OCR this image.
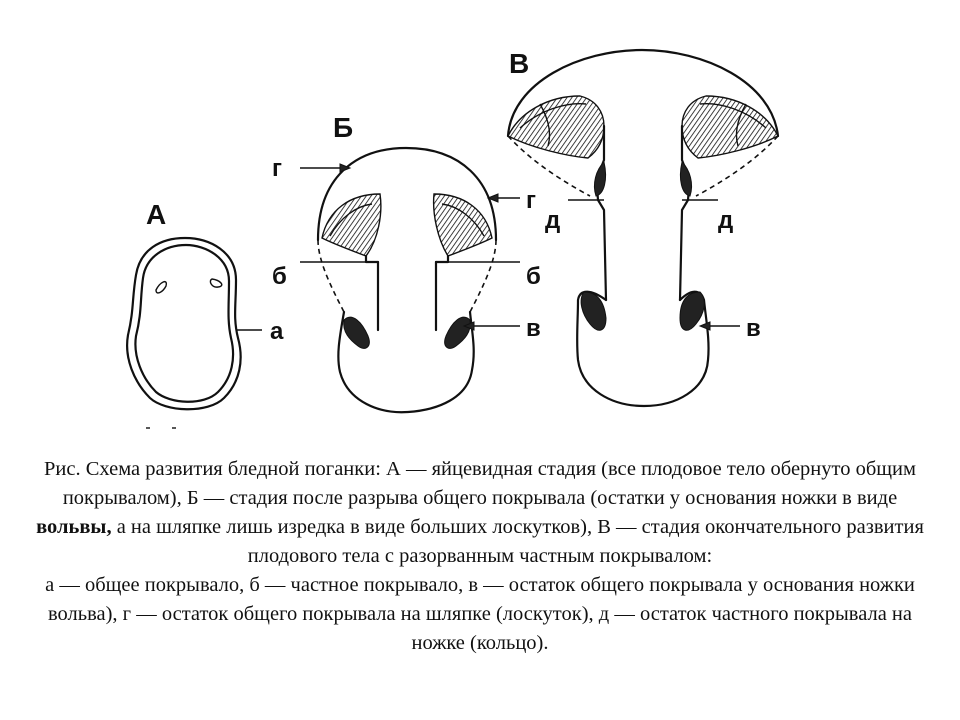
А
а
Б
г
г
б	б
в
В
д	д
в

Рис. Схема развития бледной поганки: А — яйцевидная стадия (все плодовое тело обернуто общим покрывалом), Б — стадия после разрыва общего покрывала (остатки у основания ножки в виде вольвы, а на шляпке лишь изредка в виде больших лоскутков), В — стадия окончательного развития плодового тела с разорванным частным покрывалом:

а — общее покрывало, б — частное покрывало, в — остаток общего покрывала у основания ножки вольва), г — остаток общего покрывала на шляпке (лоскуток), д — остаток частного покрывала на ножке (кольцо).
